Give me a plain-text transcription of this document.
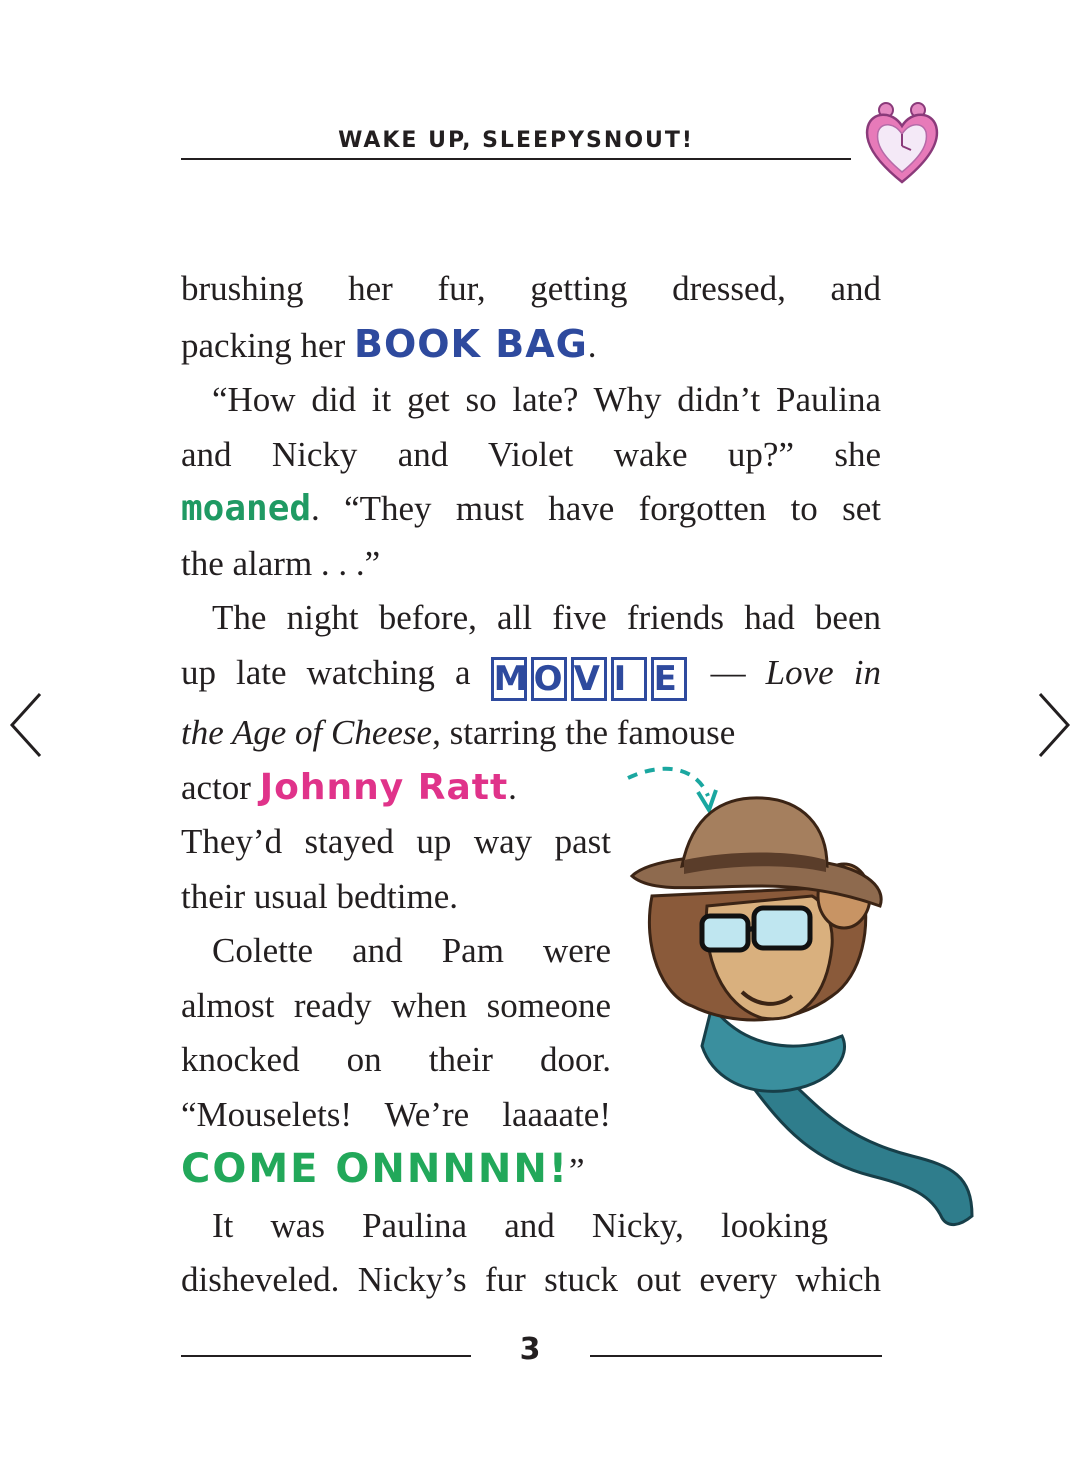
WAKE UP, SLEEPYSNOUT!

brushing her fur, getting dressed, and

packing her BOOK BAG.

“How did it get so late? Why didn’t Paulina

and Nicky and Violet wake up?” she

moaned. “They must have forgotten to set

the alarm . . .”

The night before, all five friends had been

up late watching a M O V I E — Love in

the Age of Cheese, starring the famouse

actor Johnny Ratt.

They’d stayed up way past

their usual bedtime.

Colette and Pam were

almost ready when someone

knocked on their door.

“Mouselets! We’re laaaate!

COME ONNNNN!”

It was Paulina and Nicky, looking

disheveled. Nicky’s fur stuck out every which

3
